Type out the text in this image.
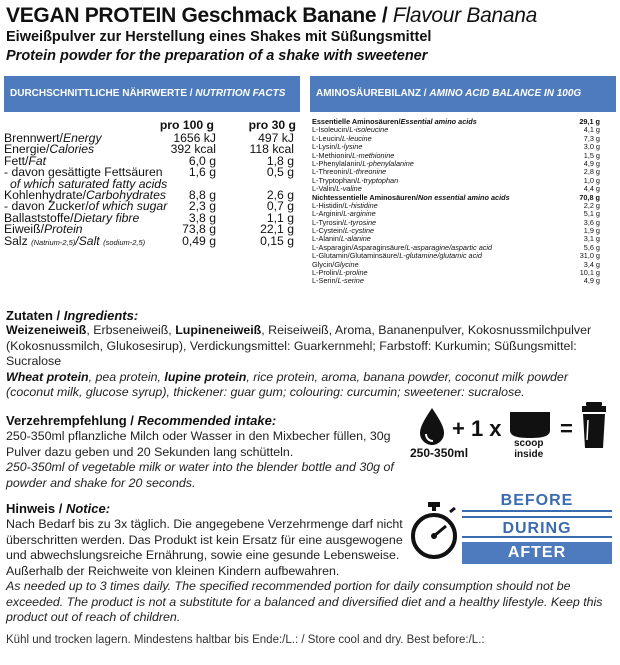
VEGAN PROTEIN Geschmack Banane / Flavour Banana
Eiweißpulver zur Herstellung eines Shakes mit Süßungsmittel
Protein powder for the preparation of a shake with sweetener
DURCHSCHNITTLICHE NÄHRWERTE / NUTRITION FACTS	AMINOSÄUREBILANZ / AMINO ACID BALANCE IN 100G
pro 100 g	pro 30 g
Brennwert/Energy	1656 kJ	497 kJ
Energie/Calories	392 kcal	118 kcal
Fett/Fat	6,0 g	1,8 g
- davon gesättigte Fettsäuren 1,6 g	0,5 g
of which saturated fatty acids
Kohlenhydrate/Carbohydrates 8,8 g	2,6 g
- davon Zucker/of which sugar 2,3 g	0,7 g
Ballaststoffe/Dietary fibre	3,8 g	1,1 g
Eiweiß/Protein	73,8 g	22,1 g
Salz (Natrium-2,5)/Salt (sodium-2,5)	0,49 g	0,15 g
Essentielle Aminosäuren/Essential amino acids	29,1 g
L-Isoleucin/L-isoleucine	4,1 g
L-Leucin/L-leucine	7,3 g
L-Lysin/L-lysine	3,0 g
L-Methionin/L-methionine	1,5 g
L-Phenylalanin/L-phenylalanine	4,9 g
L-Threonin/L-threonine	2,8 g
L-Tryptophan/L-tryptophan	1,0 g
L-Valin/L-valine	4,4 g
Nichtessentielle Aminosäuren/Non essential amino acids	70,8 g
L-Histidin/L-histidine	2,2 g
L-Arginin/L-arginine	5,1 g
L-Tyrosin/L-tyrosine	3,6 g
L-Cystein/L-cystine	1,9 g
L-Alanin/L-alanine	3,1 g
L-Asparagin/Asparaginsäure/L-asparagine/aspartic acid	5,6 g
L-Glutamin/Glutaminsäure/L-glutamine/glutamic acid	31,0 g
Glycin/Glycine	3,4 g
L-Prolin/L-proline	10,1 g
L-Serin/L-serine	4,9 g
Zutaten / Ingredients:
Weizeneiweiß, Erbseneiweiß, Lupineneiweiß, Reiseiweiß, Aroma, Bananenpulver, Kokosnussmilchpulver (Kokosnussmilch, Glukosesirup), Verdickungsmittel: Guarkernmehl; Farbstoff: Kurkumin; Süßungsmittel: Sucralose
Wheat protein, pea protein, lupine protein, rice protein, aroma, banana powder, coconut milk powder (coconut milk, glucose syrup), thickener: guar gum; colouring: curcumin; sweetener: sucralose.
Verzehrempfehlung / Recommended intake:
250-350ml pflanzliche Milch oder Wasser in den Mixbecher füllen, 30g Pulver dazu geben und 20 Sekunden lang schütteln.
250-350ml of vegetable milk or water into the blender bottle and 30g of powder and shake for 20 seconds.
+ 1 x	=
250-350ml
scoop
inside
Hinweis / Notice:
Nach Bedarf bis zu 3x täglich. Die angegebene Verzehrmenge darf nicht überschritten werden. Das Produkt ist kein Ersatz für eine ausgewogene und abwechslungsreiche Ernährung, sowie eine gesunde Lebensweise. Außerhalb der Reichweite von kleinen Kindern aufbewahren.
As needed up to 3 times daily. The specified recommended portion for daily consumption should not be exceeded. The product is not a substitute for a balanced and diversified diet and a healthy lifestyle. Keep this product out of reach of children.
BEFORE
DURING
AFTER
Kühl und trocken lagern. Mindestens haltbar bis Ende:/L.: / Store cool and dry. Best before:/L.:
